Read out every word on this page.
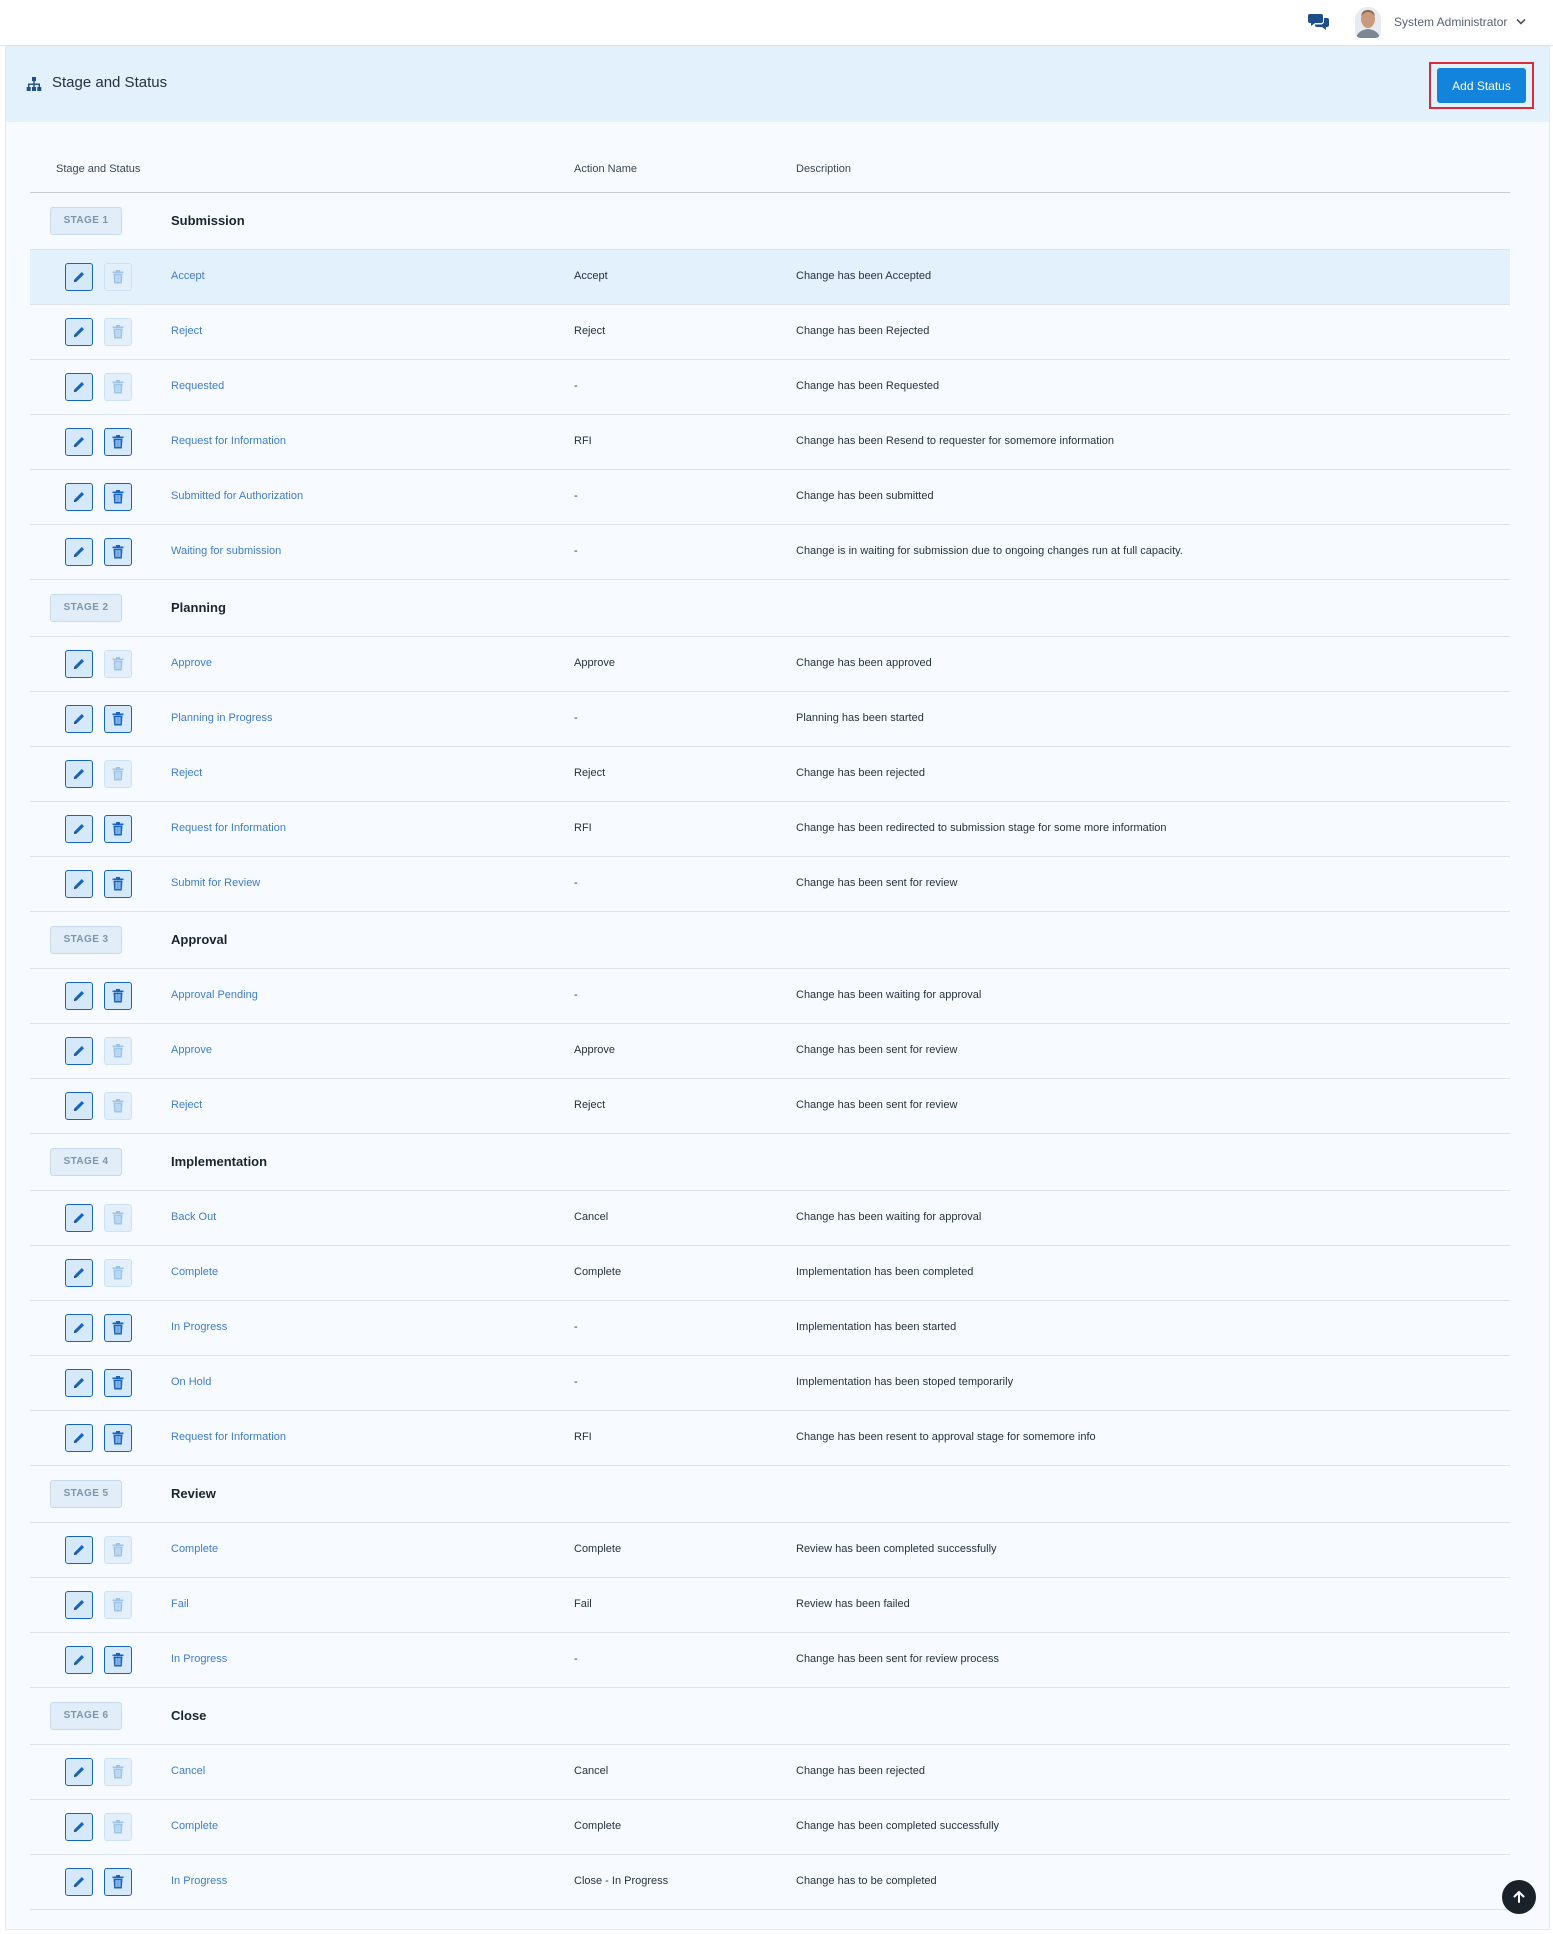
System Administrator
Stage and Status	Add Status
Stage and Status	Action Name	Description
STAGE 1	Submission
Accept	Accept	Change has been Accepted
Reject	Reject	Change has been Rejected
Requested	-	Change has been Requested
Request for Information	RFI	Change has been Resend to requester for somemore information
Submitted for Authorization	-	Change has been submitted
Waiting for submission	-	Change is in waiting for submission due to ongoing changes run at full capacity.
STAGE 2	Planning
Approve	Approve	Change has been approved
Planning in Progress	-	Planning has been started
Reject	Reject	Change has been rejected
Request for Information	RFI	Change has been redirected to submission stage for some more information
Submit for Review	-	Change has been sent for review
STAGE 3	Approval
Approval Pending	-	Change has been waiting for approval
Approve	Approve	Change has been sent for review
Reject	Reject	Change has been sent for review
STAGE 4	Implementation
Back Out	Cancel	Change has been waiting for approval
Complete	Complete	Implementation has been completed
In Progress	-	Implementation has been started
On Hold	-	Implementation has been stoped temporarily
Request for Information	RFI	Change has been resent to approval stage for somemore info
STAGE 5	Review
Complete	Complete	Review has been completed successfully
Fail	Fail	Review has been failed
In Progress	-	Change has been sent for review process
STAGE 6	Close
Cancel	Cancel	Change has been rejected
Complete	Complete	Change has been completed successfully
In Progress	Close - In Progress	Change has to be completed
